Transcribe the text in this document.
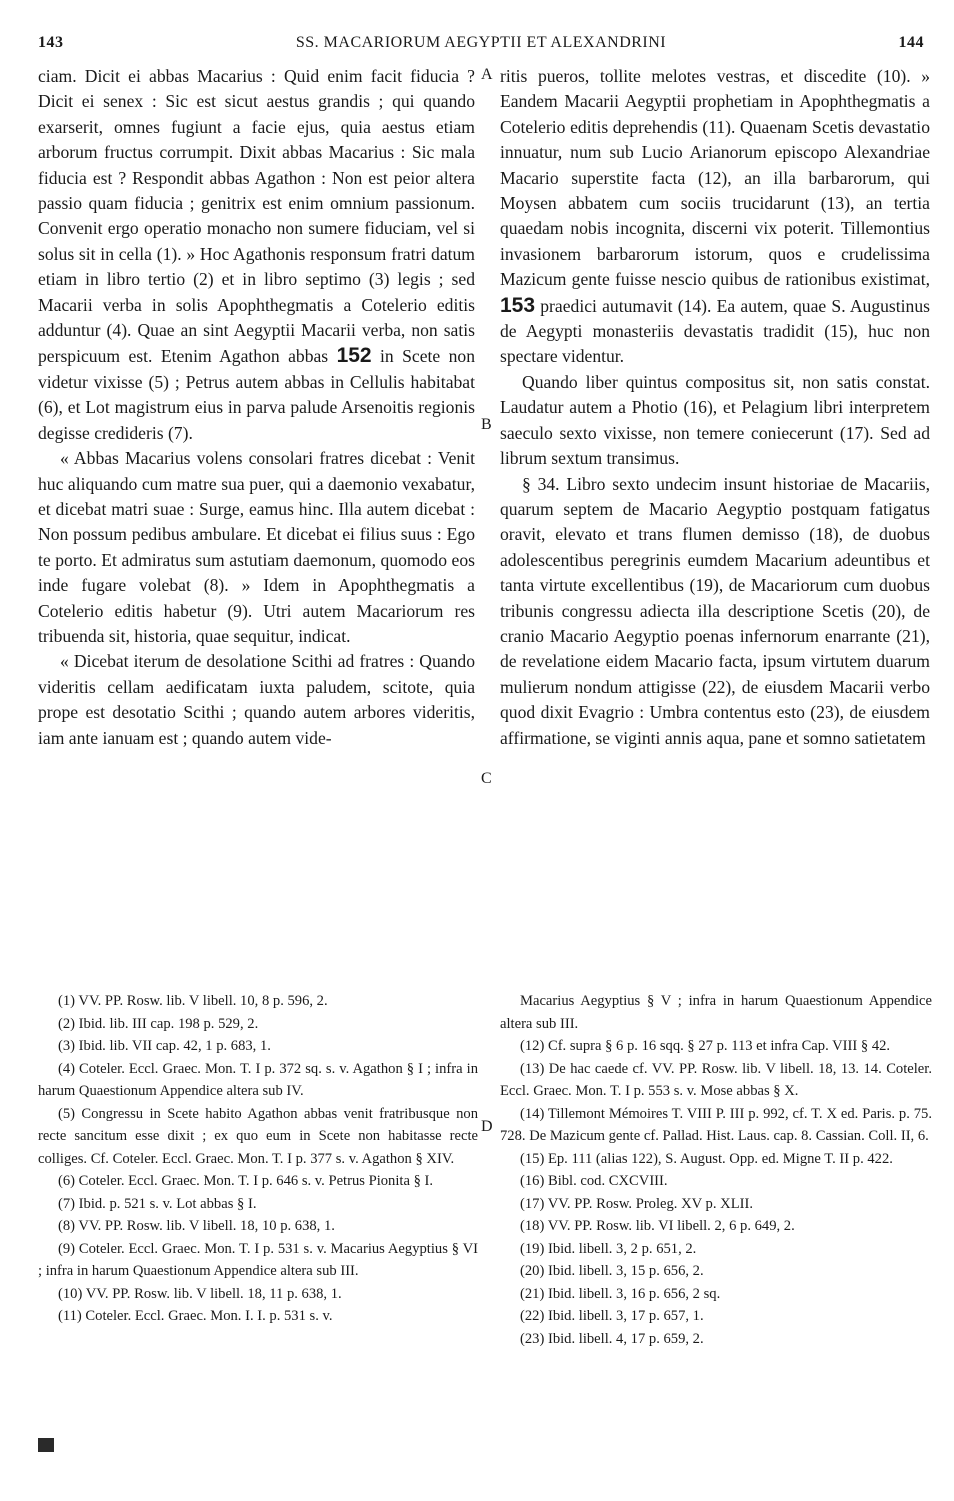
143	SS. MACARIORUM AEGYPTII ET ALEXANDRINI	144

ciam. Dicit ei abbas Macarius : Quid enim facit fiducia ? Dicit ei senex : Sic est sicut aestus grandis ; qui quando exarserit, omnes fugiunt a facie ejus, quia aestus etiam arborum fructus corrumpit. Dixit abbas Macarius : Sic mala fiducia est ? Respondit abbas Agathon : Non est peior altera passio quam fiducia ; genitrix est enim omnium passionum. Convenit ergo operatio monacho non sumere fiduciam, vel si solus sit in cella (1). » Hoc Agathonis responsum fratri datum etiam in libro tertio (2) et in libro septimo (3) legis ; sed Macarii verba in solis Apophthegmatis a Cotelerio editis adduntur (4). Quae an sint Aegyptii Macarii verba, non satis perspicuum est. Etenim Agathon abbas 152 in Scete non videtur vixisse (5) ; Petrus autem abbas in Cellulis habitabat (6), et Lot magistrum eius in parva palude Arsenoitis regionis degisse credideris (7).

« Abbas Macarius volens consolari fratres dicebat : Venit huc aliquando cum matre sua puer, qui a daemonio vexabatur, et dicebat matri suae : Surge, eamus hinc. Illa autem dicebat : Non possum pedibus ambulare. Et dicebat ei filius suus : Ego te porto. Et admiratus sum astutiam daemonum, quomodo eos inde fugare volebat (8). » Idem in Apophthegmatis a Cotelerio editis habetur (9). Utri autem Macariorum res tribuenda sit, historia, quae sequitur, indicat.

« Dicebat iterum de desolatione Scithi ad fratres : Quando videritis cellam aedificatam iuxta paludem, scitote, quia prope est desotatio Scithi ; quando autem arbores videritis, iam ante ianuam est ; quando autem vide-

A
B
C
D

ritis pueros, tollite melotes vestras, et discedite (10). » Eandem Macarii Aegyptii prophetiam in Apophthegmatis a Cotelerio editis deprehendis (11). Quaenam Scetis devastatio innuatur, num sub Lucio Arianorum episcopo Alexandriae Macario superstite facta (12), an illa barbarorum, qui Moysen abbatem cum sociis trucidarunt (13), an tertia quaedam nobis incognita, discerni vix poterit. Tillemontius invasionem barbarorum istorum, quos e crudelissima Mazicum gente fuisse nescio quibus de rationibus existimat, 153 praedici autumavit (14). Ea autem, quae S. Augustinus de Aegypti monasteriis devastatis tradidit (15), huc non spectare videntur.

Quando liber quintus compositus sit, non satis constat. Laudatur autem a Photio (16), et Pelagium libri interpretem saeculo sexto vixisse, non temere coniecerunt (17). Sed ad librum sextum transimus.

§ 34. Libro sexto undecim insunt historiae de Macariis, quarum septem de Macario Aegyptio postquam fatigatus oravit, elevato et trans flumen demisso (18), de duobus adolescentibus peregrinis eumdem Macarium adeuntibus et tanta virtute excellentibus (19), de Macariorum cum duobus tribunis congressu adiecta illa descriptione Scetis (20), de cranio Macario Aegyptio poenas infernorum enarrante (21), de revelatione eidem Macario facta, ipsum virtutem duarum mulierum nondum attigisse (22), de eiusdem Macarii verbo quod dixit Evagrio : Umbra contentus esto (23), de eiusdem affirmatione, se viginti annis aqua, pane et somno satietatem

(1) VV. PP. Rosw. lib. V libell. 10, 8 p. 596, 2.

(2) Ibid. lib. III cap. 198 p. 529, 2.

(3) Ibid. lib. VII cap. 42, 1 p. 683, 1.

(4) Coteler. Eccl. Graec. Mon. T. I p. 372 sq. s. v. Agathon § I ; infra in harum Quaestionum Appendice altera sub IV.

(5) Congressu in Scete habito Agathon abbas venit fratribusque non recte sancitum esse dixit ; ex quo eum in Scete non habitasse recte colliges. Cf. Coteler. Eccl. Graec. Mon. T. I p. 377 s. v. Agathon § XIV.

(6) Coteler. Eccl. Graec. Mon. T. I p. 646 s. v. Petrus Pionita § I.

(7) Ibid. p. 521 s. v. Lot abbas § I.

(8) VV. PP. Rosw. lib. V libell. 18, 10 p. 638, 1.

(9) Coteler. Eccl. Graec. Mon. T. I p. 531 s. v. Macarius Aegyptius § VI ; infra in harum Quaestionum Appendice altera sub III.

(10) VV. PP. Rosw. lib. V libell. 18, 11 p. 638, 1.

(11) Coteler. Eccl. Graec. Mon. I. I. p. 531 s. v.

Macarius Aegyptius § V ; infra in harum Quaestionum Appendice altera sub III.

(12) Cf. supra § 6 p. 16 sqq. § 27 p. 113 et infra Cap. VIII § 42.

(13) De hac caede cf. VV. PP. Rosw. lib. V libell. 18, 13. 14. Coteler. Eccl. Graec. Mon. T. I p. 553 s. v. Mose abbas § X.

(14) Tillemont Mémoires T. VIII P. III p. 992, cf. T. X ed. Paris. p. 75. 728. De Mazicum gente cf. Pallad. Hist. Laus. cap. 8. Cassian. Coll. II, 6.

(15) Ep. 111 (alias 122), S. August. Opp. ed. Migne T. II p. 422.

(16) Bibl. cod. CXCVIII.

(17) VV. PP. Rosw. Proleg. XV p. XLII.

(18) VV. PP. Rosw. lib. VI libell. 2, 6 p. 649, 2.

(19) Ibid. libell. 3, 2 p. 651, 2.

(20) Ibid. libell. 3, 15 p. 656, 2.

(21) Ibid. libell. 3, 16 p. 656, 2 sq.

(22) Ibid. libell. 3, 17 p. 657, 1.

(23) Ibid. libell. 4, 17 p. 659, 2.
